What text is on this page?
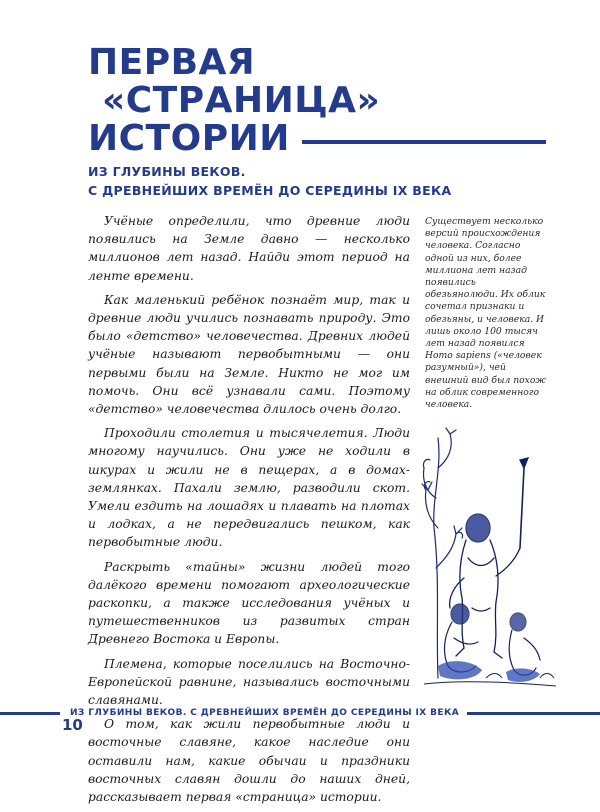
ПЕРВАЯ
«СТРАНИЦА»
ИСТОРИИ
ИЗ ГЛУБИНЫ ВЕКОВ.
С ДРЕВНЕЙШИХ ВРЕМЁН ДО СЕРЕДИНЫ IX ВЕКА

Учёные определили, что древние люди появились на Земле давно — несколько миллионов лет назад. Найди этот период на ленте времени.

Как маленький ребёнок познаёт мир, так и древние люди учились познавать природу. Это было «детство» человечества. Древних людей учёные называют первобытными — они первыми были на Земле. Никто не мог им помочь. Они всё узнавали сами. Поэтому «детство» человечества длилось очень долго.

Проходили столетия и тысячелетия. Люди многому научились. Они уже не ходили в шкурах и жили не в пещерах, а в домах-землянках. Пахали землю, разводили скот. Умели ездить на лошадях и плавать на плотах и лодках, а не передвигались пешком, как первобытные люди.

Раскрыть «тайны» жизни людей того далёкого времени помогают археологические раскопки, а также исследования учёных и путешественников из развитых стран Древнего Востока и Европы.

Племена, которые поселились на Восточно-Европейской равнине, назывались восточными славянами.

О том, как жили первобытные люди и восточные славяне, какое наследие они оставили нам, какие обычаи и праздники восточных славян дошли до наших дней, рассказывает первая «страница» истории.

Существует несколько версий происхождения человека. Согласно одной из них, более миллиона лет назад появились обезьянолюди. Их облик сочетал признаки и обезьяны, и человека. И лишь около 100 тысяч лет назад появился Homo sapiens («человек разумный»), чей внешний вид был похож на облик современного человека.
ИЗ ГЛУБИНЫ ВЕКОВ. С ДРЕВНЕЙШИХ ВРЕМЁН ДО СЕРЕДИНЫ IX ВЕКА
10
